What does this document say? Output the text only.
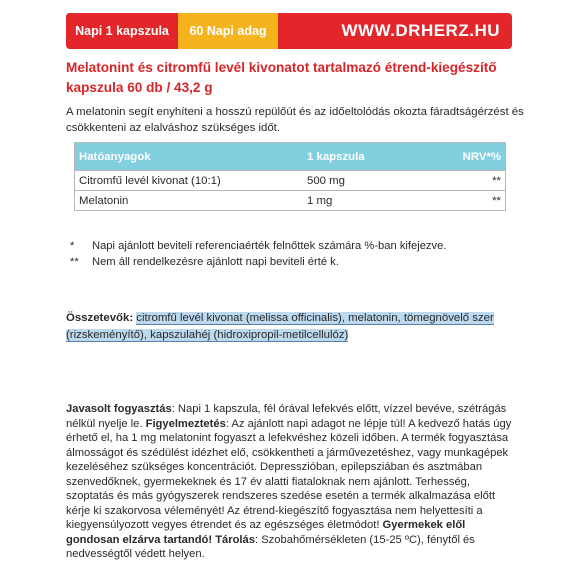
Napi 1 kapszula	60 Napi adag	WWW.DRHERZ.HU
Melatonint és citromfű levél kivonatot tartalmazó étrend-kiegészítő kapszula 60 db / 43,2 g
A melatonin segít enyhíteni a hosszú repülőút és az időeltolódás okozta fáradtságérzést és csökkenteni az elalváshoz szükséges időt.
Hatóanyagok	1 kapszula	NRV*%
Citromfű levél kivonat (10:1)	500 mg	**
Melatonin	1 mg	**
*	Napi ajánlott beviteli referenciaérték felnőttek számára %-ban kifejezve.
**	Nem áll rendelkezésre ajánlott napi beviteli érté k.
Összetevők: citromfű levél kivonat (melissa officinalis), melatonin, tömegnövelő szer (rizskeményítő), kapszulahéj (hidroxipropil-metilcellulóz)
Javasolt fogyasztás: Napi 1 kapszula, fél órával lefekvés előtt, vízzel bevéve, szétrágás nélkül nyelje le. Figyelmeztetés: Az ajánlott napi adagot ne lépje túl! A kedvező hatás úgy érhető el, ha 1 mg melatonint fogyaszt a lefekvéshez közeli időben. A termék fogyasztása álmosságot és szédülést idézhet elő, csökkentheti a járművezetéshez, vagy munkagépek kezeléséhez szükséges koncentrációt. Depresszióban, epilepsziában és asztmában szenvedőknek, gyermekeknek és 17 év alatti fiataloknak nem ajánlott. Terhesség, szoptatás és más gyógyszerek rendszeres szedése esetén a termék alkalmazása előtt kérje ki szakorvosa véleményét! Az étrend-kiegészítő fogyasztása nem helyettesíti a kiegyensúlyozott vegyes étrendet és az egészséges életmódot! Gyermekek elől gondosan elzárva tartandó! Tárolás: Szobahőmérsékleten (15-25 ºC), fénytől és nedvességtől védett helyen.
